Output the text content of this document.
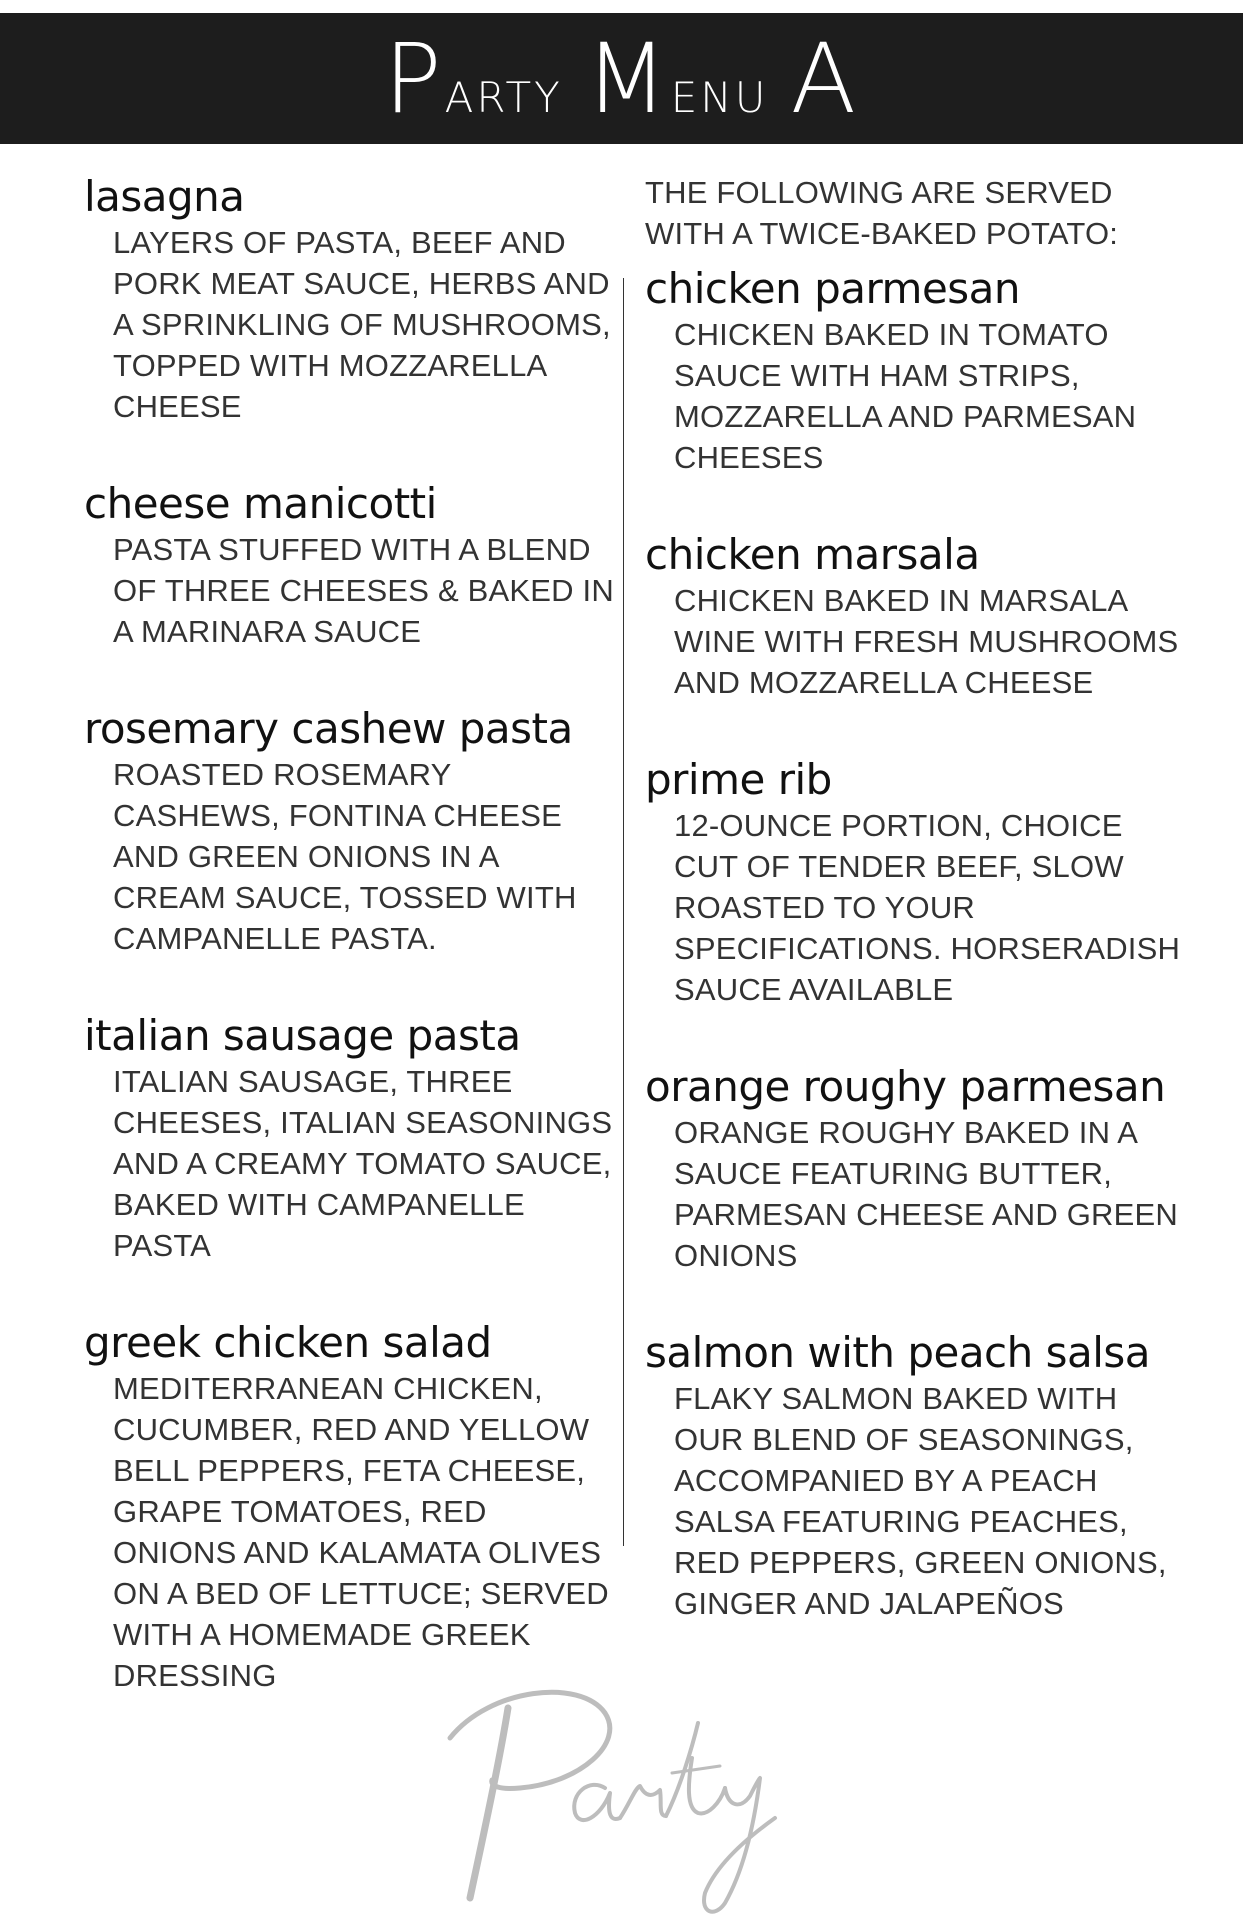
Party Menu A
lasagna
LAYERS OF PASTA, BEEF AND PORK MEAT SAUCE, HERBS AND A SPRINKLING OF MUSHROOMS, TOPPED WITH MOZZARELLA CHEESE
cheese manicotti
PASTA STUFFED WITH A BLEND OF THREE CHEESES & BAKED IN A MARINARA SAUCE
rosemary cashew pasta
ROASTED ROSEMARY CASHEWS, FONTINA CHEESE AND GREEN ONIONS IN A CREAM SAUCE, TOSSED WITH CAMPANELLE PASTA.
italian sausage pasta
ITALIAN SAUSAGE, THREE CHEESES, ITALIAN SEASONINGS AND A CREAMY TOMATO SAUCE, BAKED WITH CAMPANELLE PASTA
greek chicken salad
MEDITERRANEAN CHICKEN, CUCUMBER, RED AND YELLOW BELL PEPPERS, FETA CHEESE, GRAPE TOMATOES, RED ONIONS AND KALAMATA OLIVES ON A BED OF LETTUCE; SERVED WITH A HOMEMADE GREEK DRESSING
THE FOLLOWING ARE SERVED WITH A TWICE-BAKED POTATO:
chicken parmesan
CHICKEN BAKED IN TOMATO SAUCE WITH HAM STRIPS, MOZZARELLA AND PARMESAN CHEESES
chicken marsala
CHICKEN BAKED IN MARSALA WINE WITH FRESH MUSHROOMS AND MOZZARELLA CHEESE
prime rib
12-OUNCE PORTION, CHOICE CUT OF TENDER BEEF, SLOW ROASTED TO YOUR SPECIFICATIONS. HORSERADISH SAUCE AVAILABLE
orange roughy parmesan
ORANGE ROUGHY BAKED IN A SAUCE FEATURING BUTTER, PARMESAN CHEESE AND GREEN ONIONS
salmon with peach salsa
FLAKY SALMON BAKED WITH OUR BLEND OF SEASONINGS, ACCOMPANIED BY A PEACH SALSA FEATURING PEACHES, RED PEPPERS, GREEN ONIONS, GINGER AND JALAPEÑOS
Party
